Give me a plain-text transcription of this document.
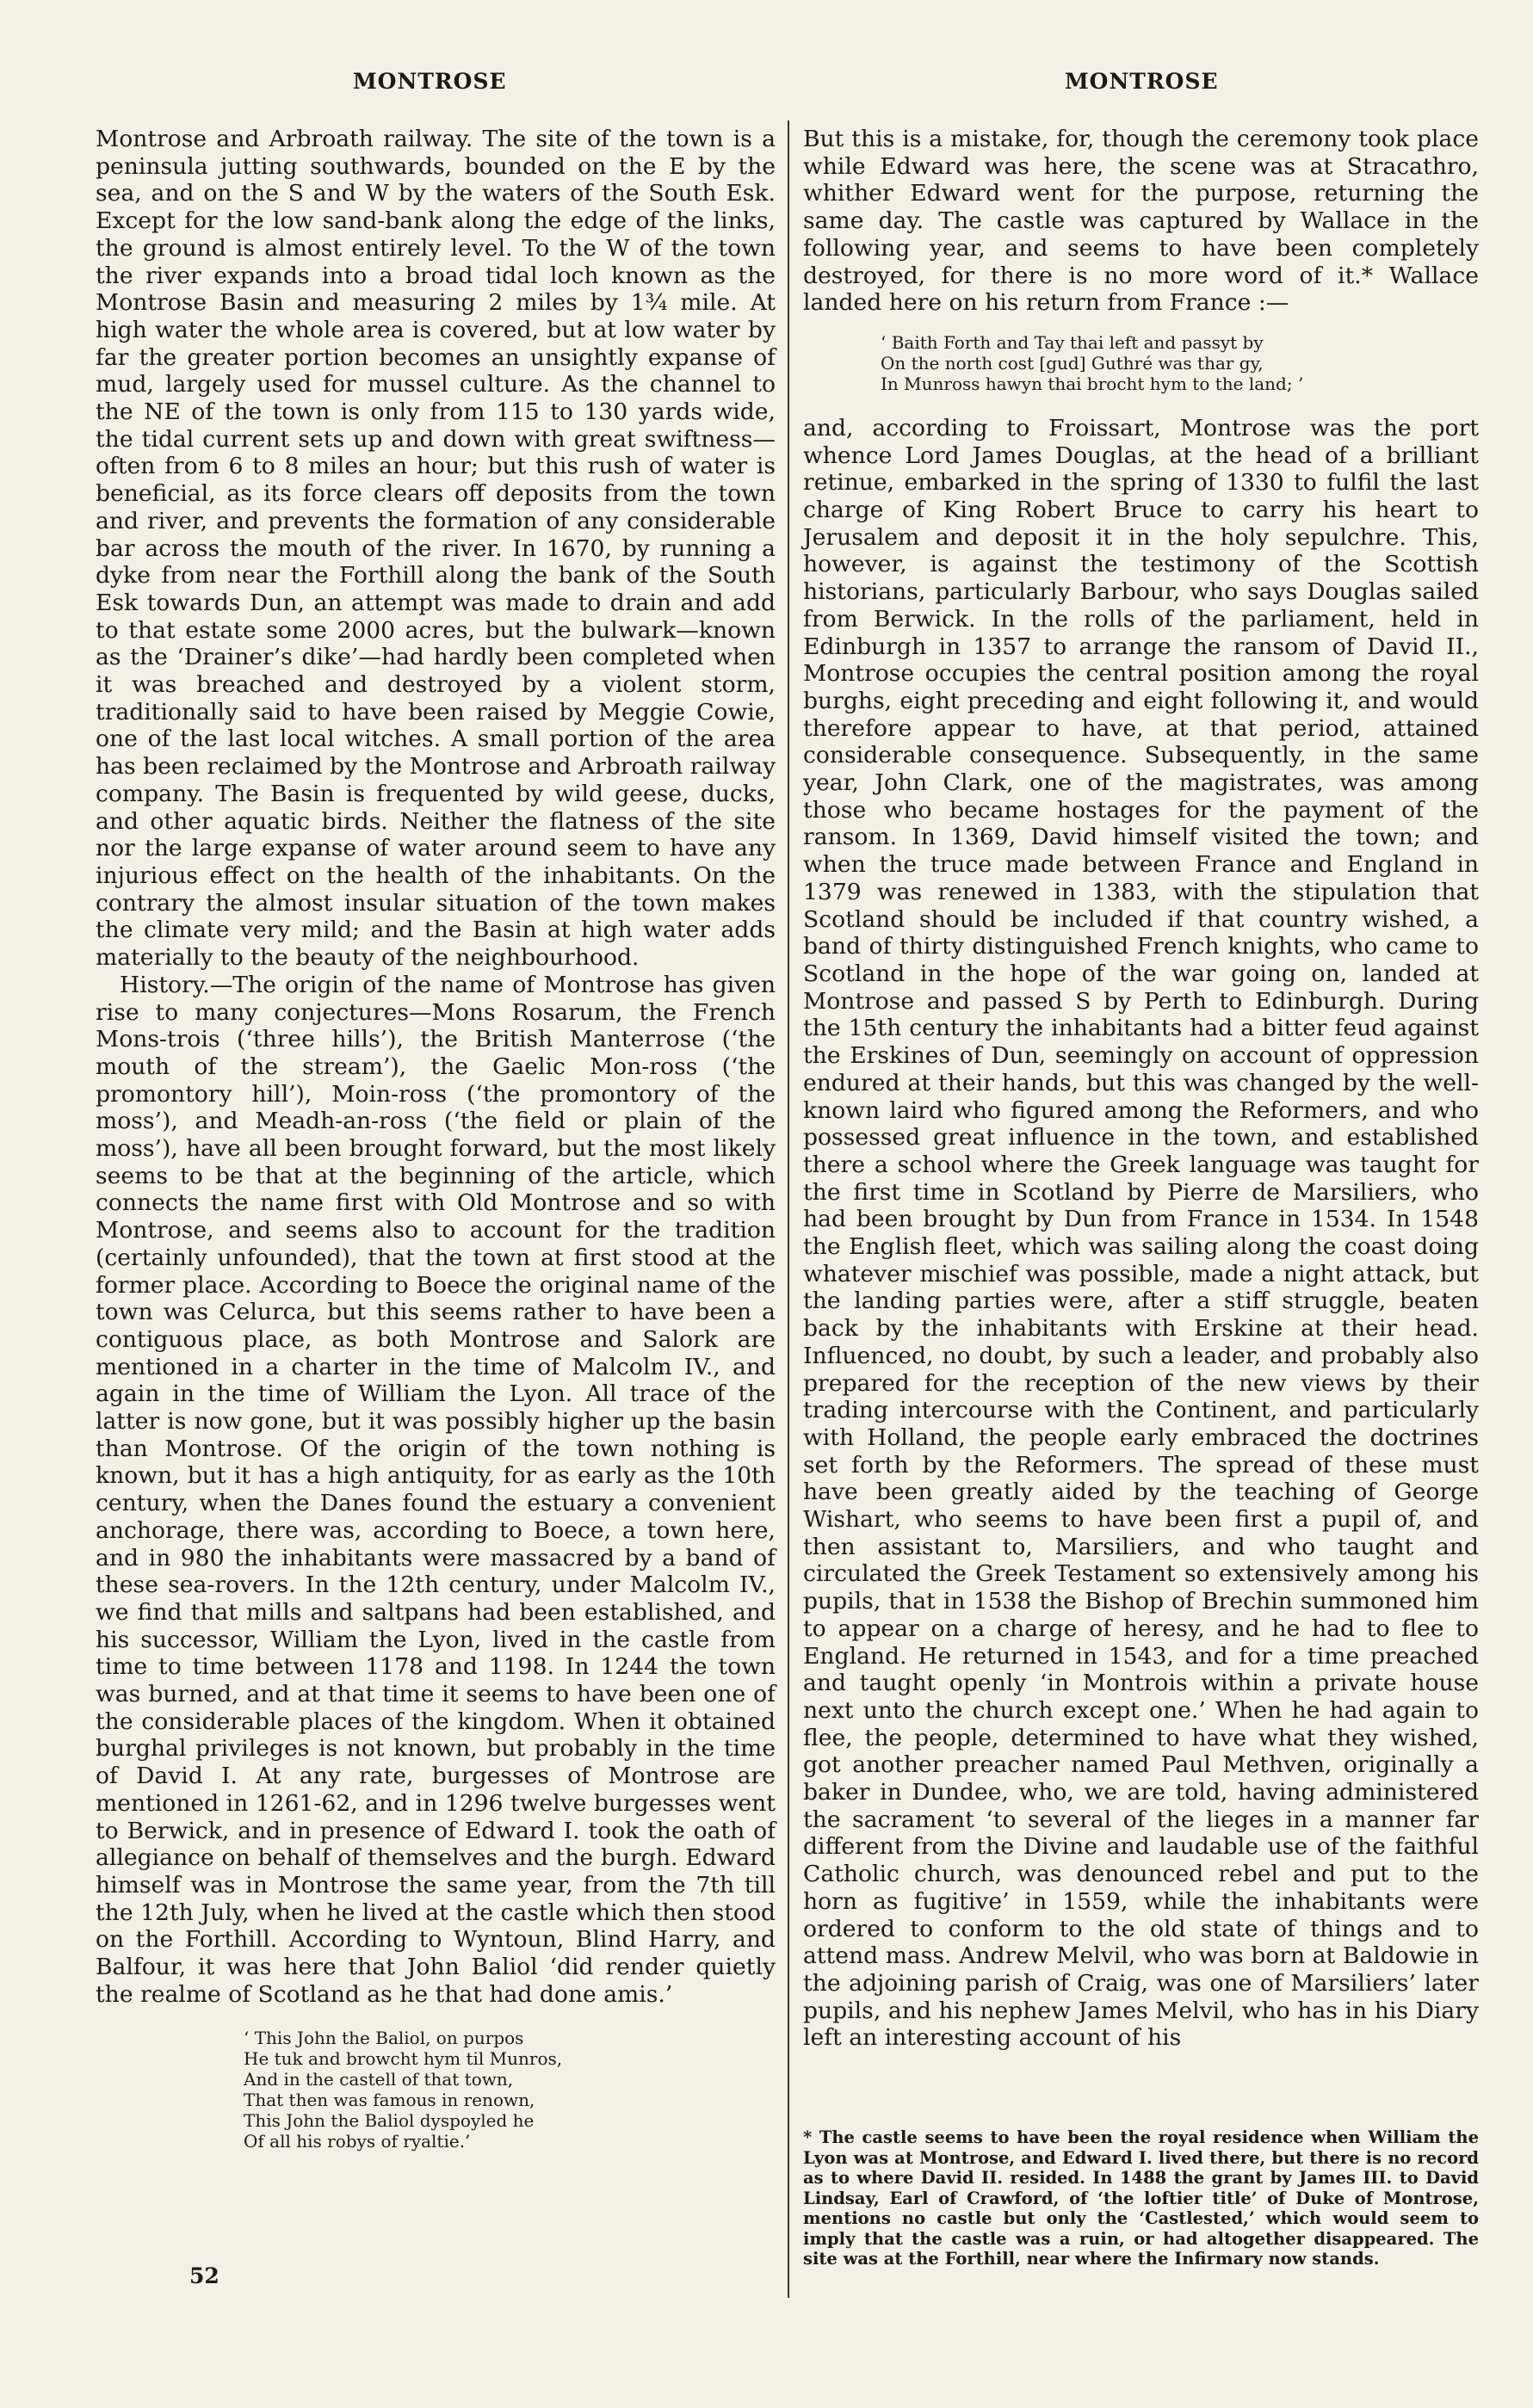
MONTROSE	MONTROSE

Montrose and Arbroath railway. The site of the town is a peninsula jutting southwards, bounded on the E by the sea, and on the S and W by the waters of the South Esk. Except for the low sand-bank along the edge of the links, the ground is almost entirely level. To the W of the town the river expands into a broad tidal loch known as the Montrose Basin and measuring 2 miles by 1¾ mile. At high water the whole area is covered, but at low water by far the greater portion becomes an unsightly expanse of mud, largely used for mussel culture. As the channel to the NE of the town is only from 115 to 130 yards wide, the tidal current sets up and down with great swiftness—often from 6 to 8 miles an hour; but this rush of water is beneficial, as its force clears off deposits from the town and river, and prevents the formation of any considerable bar across the mouth of the river. In 1670, by running a dyke from near the Forthill along the bank of the South Esk towards Dun, an attempt was made to drain and add to that estate some 2000 acres, but the bulwark—known as the ‘Drainer’s dike’—had hardly been completed when it was breached and destroyed by a violent storm, traditionally said to have been raised by Meggie Cowie, one of the last local witches. A small portion of the area has been reclaimed by the Montrose and Arbroath railway company. The Basin is frequented by wild geese, ducks, and other aquatic birds. Neither the flatness of the site nor the large expanse of water around seem to have any injurious effect on the health of the inhabitants. On the contrary the almost insular situation of the town makes the climate very mild; and the Basin at high water adds materially to the beauty of the neighbourhood.

History.—The origin of the name of Montrose has given rise to many conjectures—Mons Rosarum, the French Mons-trois (‘three hills’), the British Manterrose (‘the mouth of the stream’), the Gaelic Mon-ross (‘the promontory hill’), Moin-ross (‘the promontory of the moss’), and Meadh-an-ross (‘the field or plain of the moss’), have all been brought forward, but the most likely seems to be that at the beginning of the article, which connects the name first with Old Montrose and so with Montrose, and seems also to account for the tradition (certainly unfounded), that the town at first stood at the former place. According to Boece the original name of the town was Celurca, but this seems rather to have been a contiguous place, as both Montrose and Salork are mentioned in a charter in the time of Malcolm IV., and again in the time of William the Lyon. All trace of the latter is now gone, but it was possibly higher up the basin than Montrose. Of the origin of the town nothing is known, but it has a high antiquity, for as early as the 10th century, when the Danes found the estuary a convenient anchorage, there was, according to Boece, a town here, and in 980 the inhabitants were massacred by a band of these sea-rovers. In the 12th century, under Malcolm IV., we find that mills and saltpans had been established, and his successor, William the Lyon, lived in the castle from time to time between 1178 and 1198. In 1244 the town was burned, and at that time it seems to have been one of the considerable places of the kingdom. When it obtained burghal privileges is not known, but probably in the time of David I. At any rate, burgesses of Montrose are mentioned in 1261-62, and in 1296 twelve burgesses went to Berwick, and in presence of Edward I. took the oath of allegiance on behalf of themselves and the burgh. Edward himself was in Montrose the same year, from the 7th till the 12th July, when he lived at the castle which then stood on the Forthill. According to Wyntoun, Blind Harry, and Balfour, it was here that John Baliol ‘did render quietly the realme of Scotland as he that had done amis.’

‘ This John the Baliol, on purpos
He tuk and browcht hym til Munros,
And in the castell of that town,
That then was famous in renown,
This John the Baliol dyspoyled he
Of all his robys of ryaltie.’

But this is a mistake, for, though the ceremony took place while Edward was here, the scene was at Stracathro, whither Edward went for the purpose, returning the same day. The castle was captured by Wallace in the following year, and seems to have been completely destroyed, for there is no more word of it.* Wallace landed here on his return from France :—

‘ Baith Forth and Tay thai left and passyt by
On the north cost [gud] Guthré was thar gy,
In Munross hawyn thai brocht hym to the land; ’

and, according to Froissart, Montrose was the port whence Lord James Douglas, at the head of a brilliant retinue, embarked in the spring of 1330 to fulfil the last charge of King Robert Bruce to carry his heart to Jerusalem and deposit it in the holy sepulchre. This, however, is against the testimony of the Scottish historians, particularly Barbour, who says Douglas sailed from Berwick. In the rolls of the parliament, held in Edinburgh in 1357 to arrange the ransom of David II., Montrose occupies the central position among the royal burghs, eight preceding and eight following it, and would therefore appear to have, at that period, attained considerable consequence. Subsequently, in the same year, John Clark, one of the magistrates, was among those who became hostages for the payment of the ransom. In 1369, David himself visited the town; and when the truce made between France and England in 1379 was renewed in 1383, with the stipulation that Scotland should be included if that country wished, a band of thirty distinguished French knights, who came to Scotland in the hope of the war going on, landed at Montrose and passed S by Perth to Edinburgh. During the 15th century the inhabitants had a bitter feud against the Erskines of Dun, seemingly on account of oppression endured at their hands, but this was changed by the well-known laird who figured among the Reformers, and who possessed great influence in the town, and established there a school where the Greek language was taught for the first time in Scotland by Pierre de Marsiliers, who had been brought by Dun from France in 1534. In 1548 the English fleet, which was sailing along the coast doing whatever mischief was possible, made a night attack, but the landing parties were, after a stiff struggle, beaten back by the inhabitants with Erskine at their head. Influenced, no doubt, by such a leader, and probably also prepared for the reception of the new views by their trading intercourse with the Continent, and particularly with Holland, the people early embraced the doctrines set forth by the Reformers. The spread of these must have been greatly aided by the teaching of George Wishart, who seems to have been first a pupil of, and then assistant to, Marsiliers, and who taught and circulated the Greek Testament so extensively among his pupils, that in 1538 the Bishop of Brechin summoned him to appear on a charge of heresy, and he had to flee to England. He returned in 1543, and for a time preached and taught openly ‘in Montrois within a private house next unto the church except one.’ When he had again to flee, the people, determined to have what they wished, got another preacher named Paul Methven, originally a baker in Dundee, who, we are told, having administered the sacrament ‘to several of the lieges in a manner far different from the Divine and laudable use of the faithful Catholic church, was denounced rebel and put to the horn as fugitive’ in 1559, while the inhabitants were ordered to conform to the old state of things and to attend mass. Andrew Melvil, who was born at Baldowie in the adjoining parish of Craig, was one of Marsiliers’ later pupils, and his nephew James Melvil, who has in his Diary left an interesting account of his

* The castle seems to have been the royal residence when William the Lyon was at Montrose, and Edward I. lived there, but there is no record as to where David II. resided. In 1488 the grant by James III. to David Lindsay, Earl of Crawford, of ‘the loftier title’ of Duke of Montrose, mentions no castle but only the ‘Castlested,’ which would seem to imply that the castle was a ruin, or had altogether disappeared. The site was at the Forthill, near where the Infirmary now stands.
52
